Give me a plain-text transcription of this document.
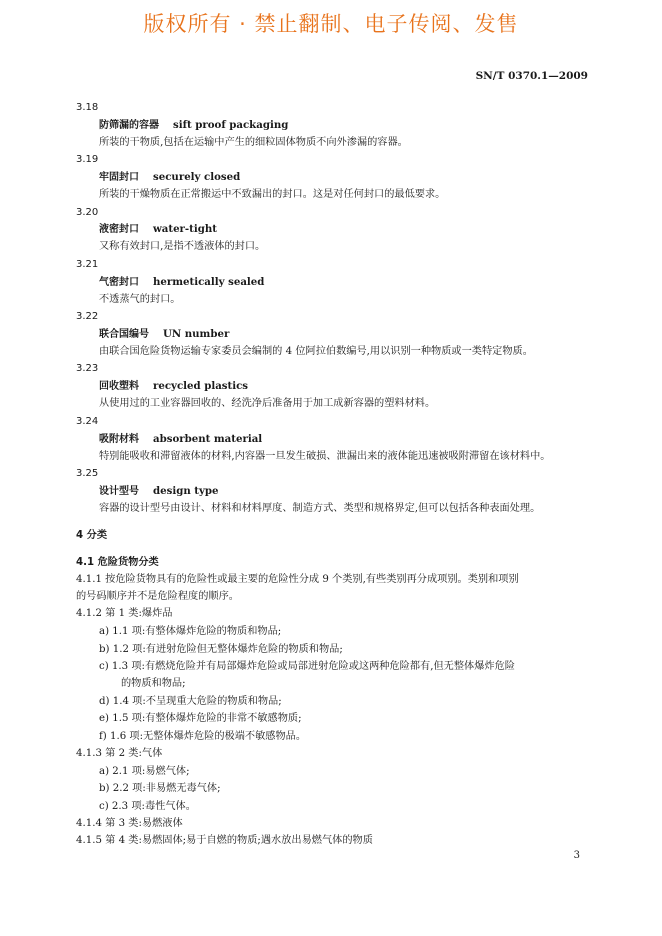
版权所有 · 禁止翻制、电子传阅、发售
SN/T 0370.1—2009
3.18
防筛漏的容器 sift proof packaging
所装的干物质,包括在运输中产生的细粒固体物质不向外渗漏的容器。
3.19
牢固封口 securely closed
所装的干燥物质在正常搬运中不致漏出的封口。这是对任何封口的最低要求。
3.20
液密封口 water-tight
又称有效封口,是指不透液体的封口。
3.21
气密封口 hermetically sealed
不透蒸气的封口。
3.22
联合国编号 UN number
由联合国危险货物运输专家委员会编制的 4 位阿拉伯数编号,用以识别一种物质或一类特定物质。
3.23
回收塑料 recycled plastics
从使用过的工业容器回收的、经洗净后准备用于加工成新容器的塑料材料。
3.24
吸附材料 absorbent material
特别能吸收和滞留液体的材料,内容器一旦发生破损、泄漏出来的液体能迅速被吸附滞留在该材料中。
3.25
设计型号 design type
容器的设计型号由设计、材料和材料厚度、制造方式、类型和规格界定,但可以包括各种表面处理。
4 分类
4.1 危险货物分类
4.1.1 按危险货物具有的危险性或最主要的危险性分成 9 个类别,有些类别再分成项别。类别和项别
的号码顺序并不是危险程度的顺序。
4.1.2 第 1 类:爆炸品
a) 1.1 项:有整体爆炸危险的物质和物品;
b) 1.2 项:有迸射危险但无整体爆炸危险的物质和物品;
c) 1.3 项:有燃烧危险并有局部爆炸危险或局部迸射危险或这两种危险都有,但无整体爆炸危险
的物质和物品;
d) 1.4 项:不呈现重大危险的物质和物品;
e) 1.5 项:有整体爆炸危险的非常不敏感物质;
f) 1.6 项:无整体爆炸危险的极端不敏感物品。
4.1.3 第 2 类:气体
a) 2.1 项:易燃气体;
b) 2.2 项:非易燃无毒气体;
c) 2.3 项:毒性气体。
4.1.4 第 3 类:易燃液体
4.1.5 第 4 类:易燃固体;易于自燃的物质;遇水放出易燃气体的物质
3
